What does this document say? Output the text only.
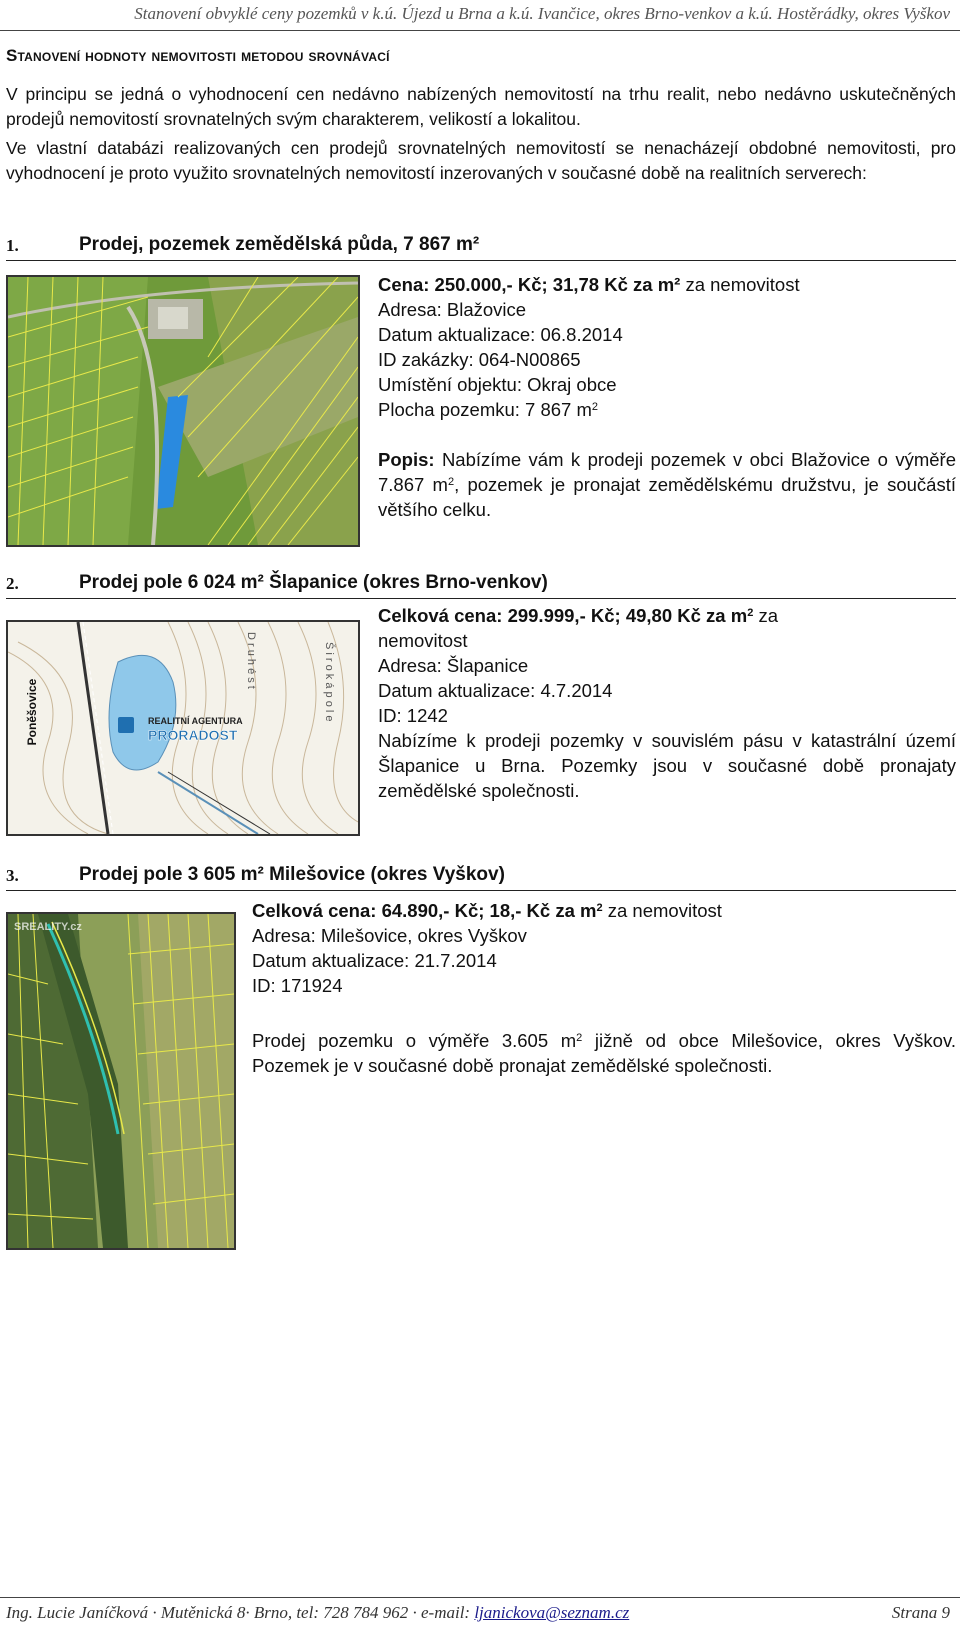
Stanovení obvyklé ceny pozemků v k.ú. Újezd u Brna a k.ú. Ivančice, okres Brno-venkov a k.ú. Hostěrádky, okres Vyškov
Stanovení hodnoty nemovitosti metodou srovnávací

V principu se jedná o vyhodnocení cen nedávno nabízených nemovitostí na trhu realit, nebo nedávno uskutečněných prodejů nemovitostí srovnatelných svým charakterem, velikostí a lokalitou.

Ve vlastní databázi realizovaných cen prodejů srovnatelných nemovitostí se nenacházejí obdobné nemovitosti, pro vyhodnocení je proto využito srovnatelných nemovitostí inzerovaných v současné době na realitních serverech:

1.	Prodej, pozemek zemědělská půda, 7 867 m²
Cena: 250.000,- Kč; 31,78 Kč za m² za nemovitost
Adresa: Blažovice
Datum aktualizace: 06.8.2014
ID zakázky: 064-N00865
Umístění objektu: Okraj obce
Plocha pozemku: 7 867 $m^2$

Popis: Nabízíme vám k prodeji pozemek v obci Blažovice o výměře 7.867 $m^2$, pozemek je pronajat zemědělskému družstvu, je součástí většího celku.

2.	Prodej pole 6 024 m² Šlapanice (okres Brno-venkov)
Poněšovice	REALITNÍ AGENTURA
PRORADOST
D r u h é s t	Š i r o k á p o l e
Celková cena: 299.999,- Kč; 49,80 Kč za $m^2$ za
nemovitost
Adresa: Šlapanice
Datum aktualizace: 4.7.2014
ID: 1242

Nabízíme k prodeji pozemky v souvislém pásu v katastrální území Šlapanice u Brna. Pozemky jsou v současné době pronajaty zemědělské společnosti.

3.	Prodej pole 3 605 m² Milešovice (okres Vyškov)
SREALITY.cz
Celková cena: 64.890,- Kč; 18,- Kč za $m^2$ za nemovitost
Adresa: Milešovice, okres Vyškov
Datum aktualizace: 21.7.2014
ID: 171924

Prodej pozemku o výměře 3.605 $m^2$ jižně od obce Milešovice, okres Vyškov. Pozemek je v současné době pronajat zemědělské společnosti.

Ing. Lucie Janíčková · Mutěnická 8· Brno, tel: 728 784 962 · e-mail: ljanickova@seznam.cz	Strana 9
